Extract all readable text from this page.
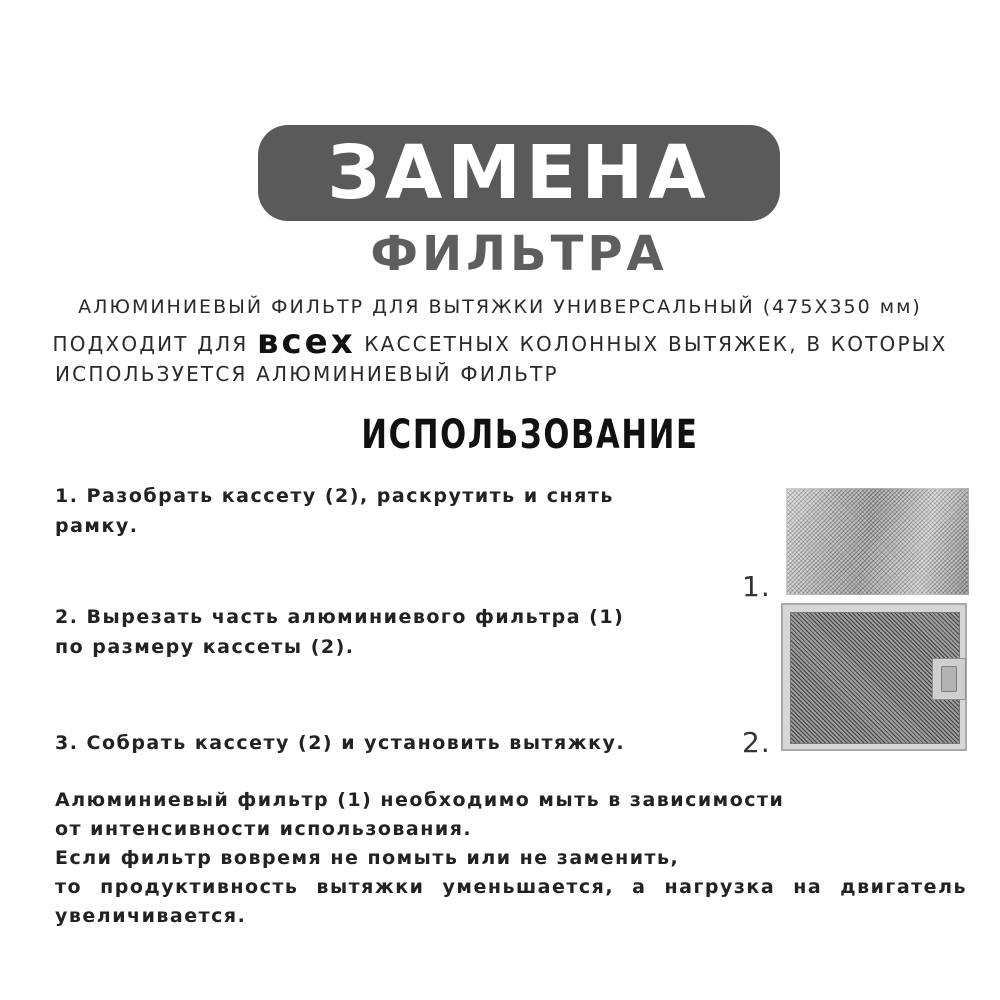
ЗАМЕНА
ФИЛЬТРА
АЛЮМИНИЕВЫЙ ФИЛЬТР ДЛЯ ВЫТЯЖКИ УНИВЕРСАЛЬНЫЙ (475Х350 мм)
ПОДХОДИТ ДЛЯ всех КАССЕТНЫХ КОЛОННЫХ ВЫТЯЖЕК, В КОТОРЫХ
ИСПОЛЬЗУЕТСЯ АЛЮМИНИЕВЫЙ ФИЛЬТР
ИСПОЛЬЗОВАНИЕ
1. Разобрать кассету (2), раскрутить и снять
рамку.
2. Вырезать часть алюминиевого фильтра (1)
по размеру кассеты (2).
3. Собрать кассету (2) и установить вытяжку.
1.
2.
Алюминиевый фильтр (1) необходимо мыть в зависимости
от интенсивности использования.
Если фильтр вовремя не помыть или не заменить,
то продуктивность вытяжки уменьшается, а нагрузка на двигатель
увеличивается.
